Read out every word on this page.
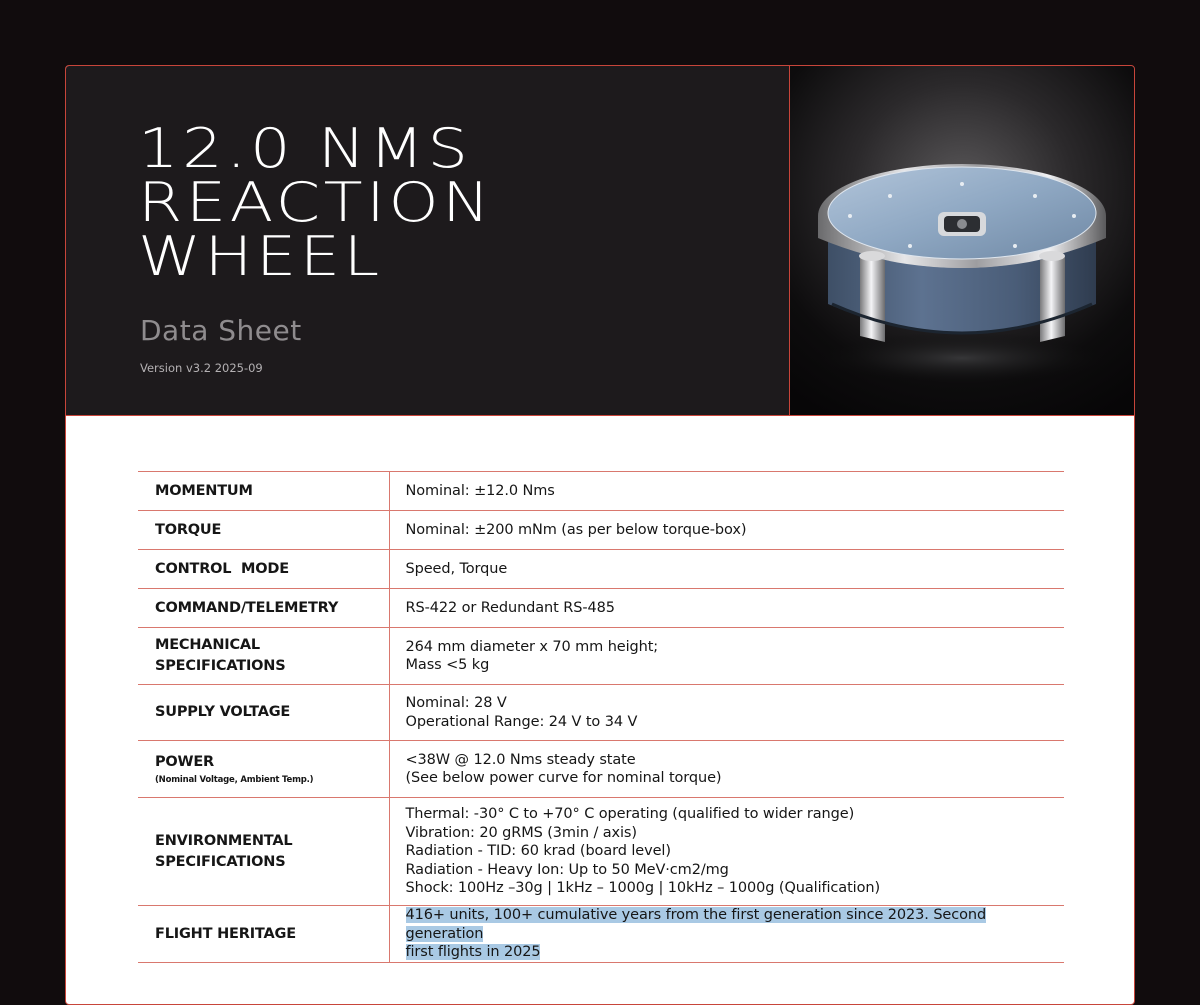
12.0 NMS
REACTION
WHEEL
Data Sheet
Version v3.2 2025-09
MOMENTUM	Nominal: ±12.0 Nms

TORQUE	Nominal: ±200 mNm (as per below torque-box)

CONTROL  MODE	Speed, Torque

COMMAND/TELEMETRY	RS-422 or Redundant RS-485

MECHANICAL
SPECIFICATIONS	264 mm diameter x 70 mm height;
Mass <5 kg

SUPPLY VOLTAGE	Nominal: 28 V
Operational Range: 24 V to 34 V

POWER
(Nominal Voltage, Ambient Temp.)	<38W @ 12.0 Nms steady state
(See below power curve for nominal torque)

ENVIRONMENTAL
SPECIFICATIONS	Thermal: -30° C to +70° C operating (qualified to wider range)
Vibration: 20 gRMS (3min / axis)
Radiation - TID: 60 krad (board level)
Radiation - Heavy Ion: Up to 50 MeV·cm2/mg
Shock: 100Hz –30g | 1kHz – 1000g | 10kHz – 1000g (Qualification)

FLIGHT HERITAGE	416+ units, 100+ cumulative years from the first generation since 2023. Second generation
first flights in 2025
